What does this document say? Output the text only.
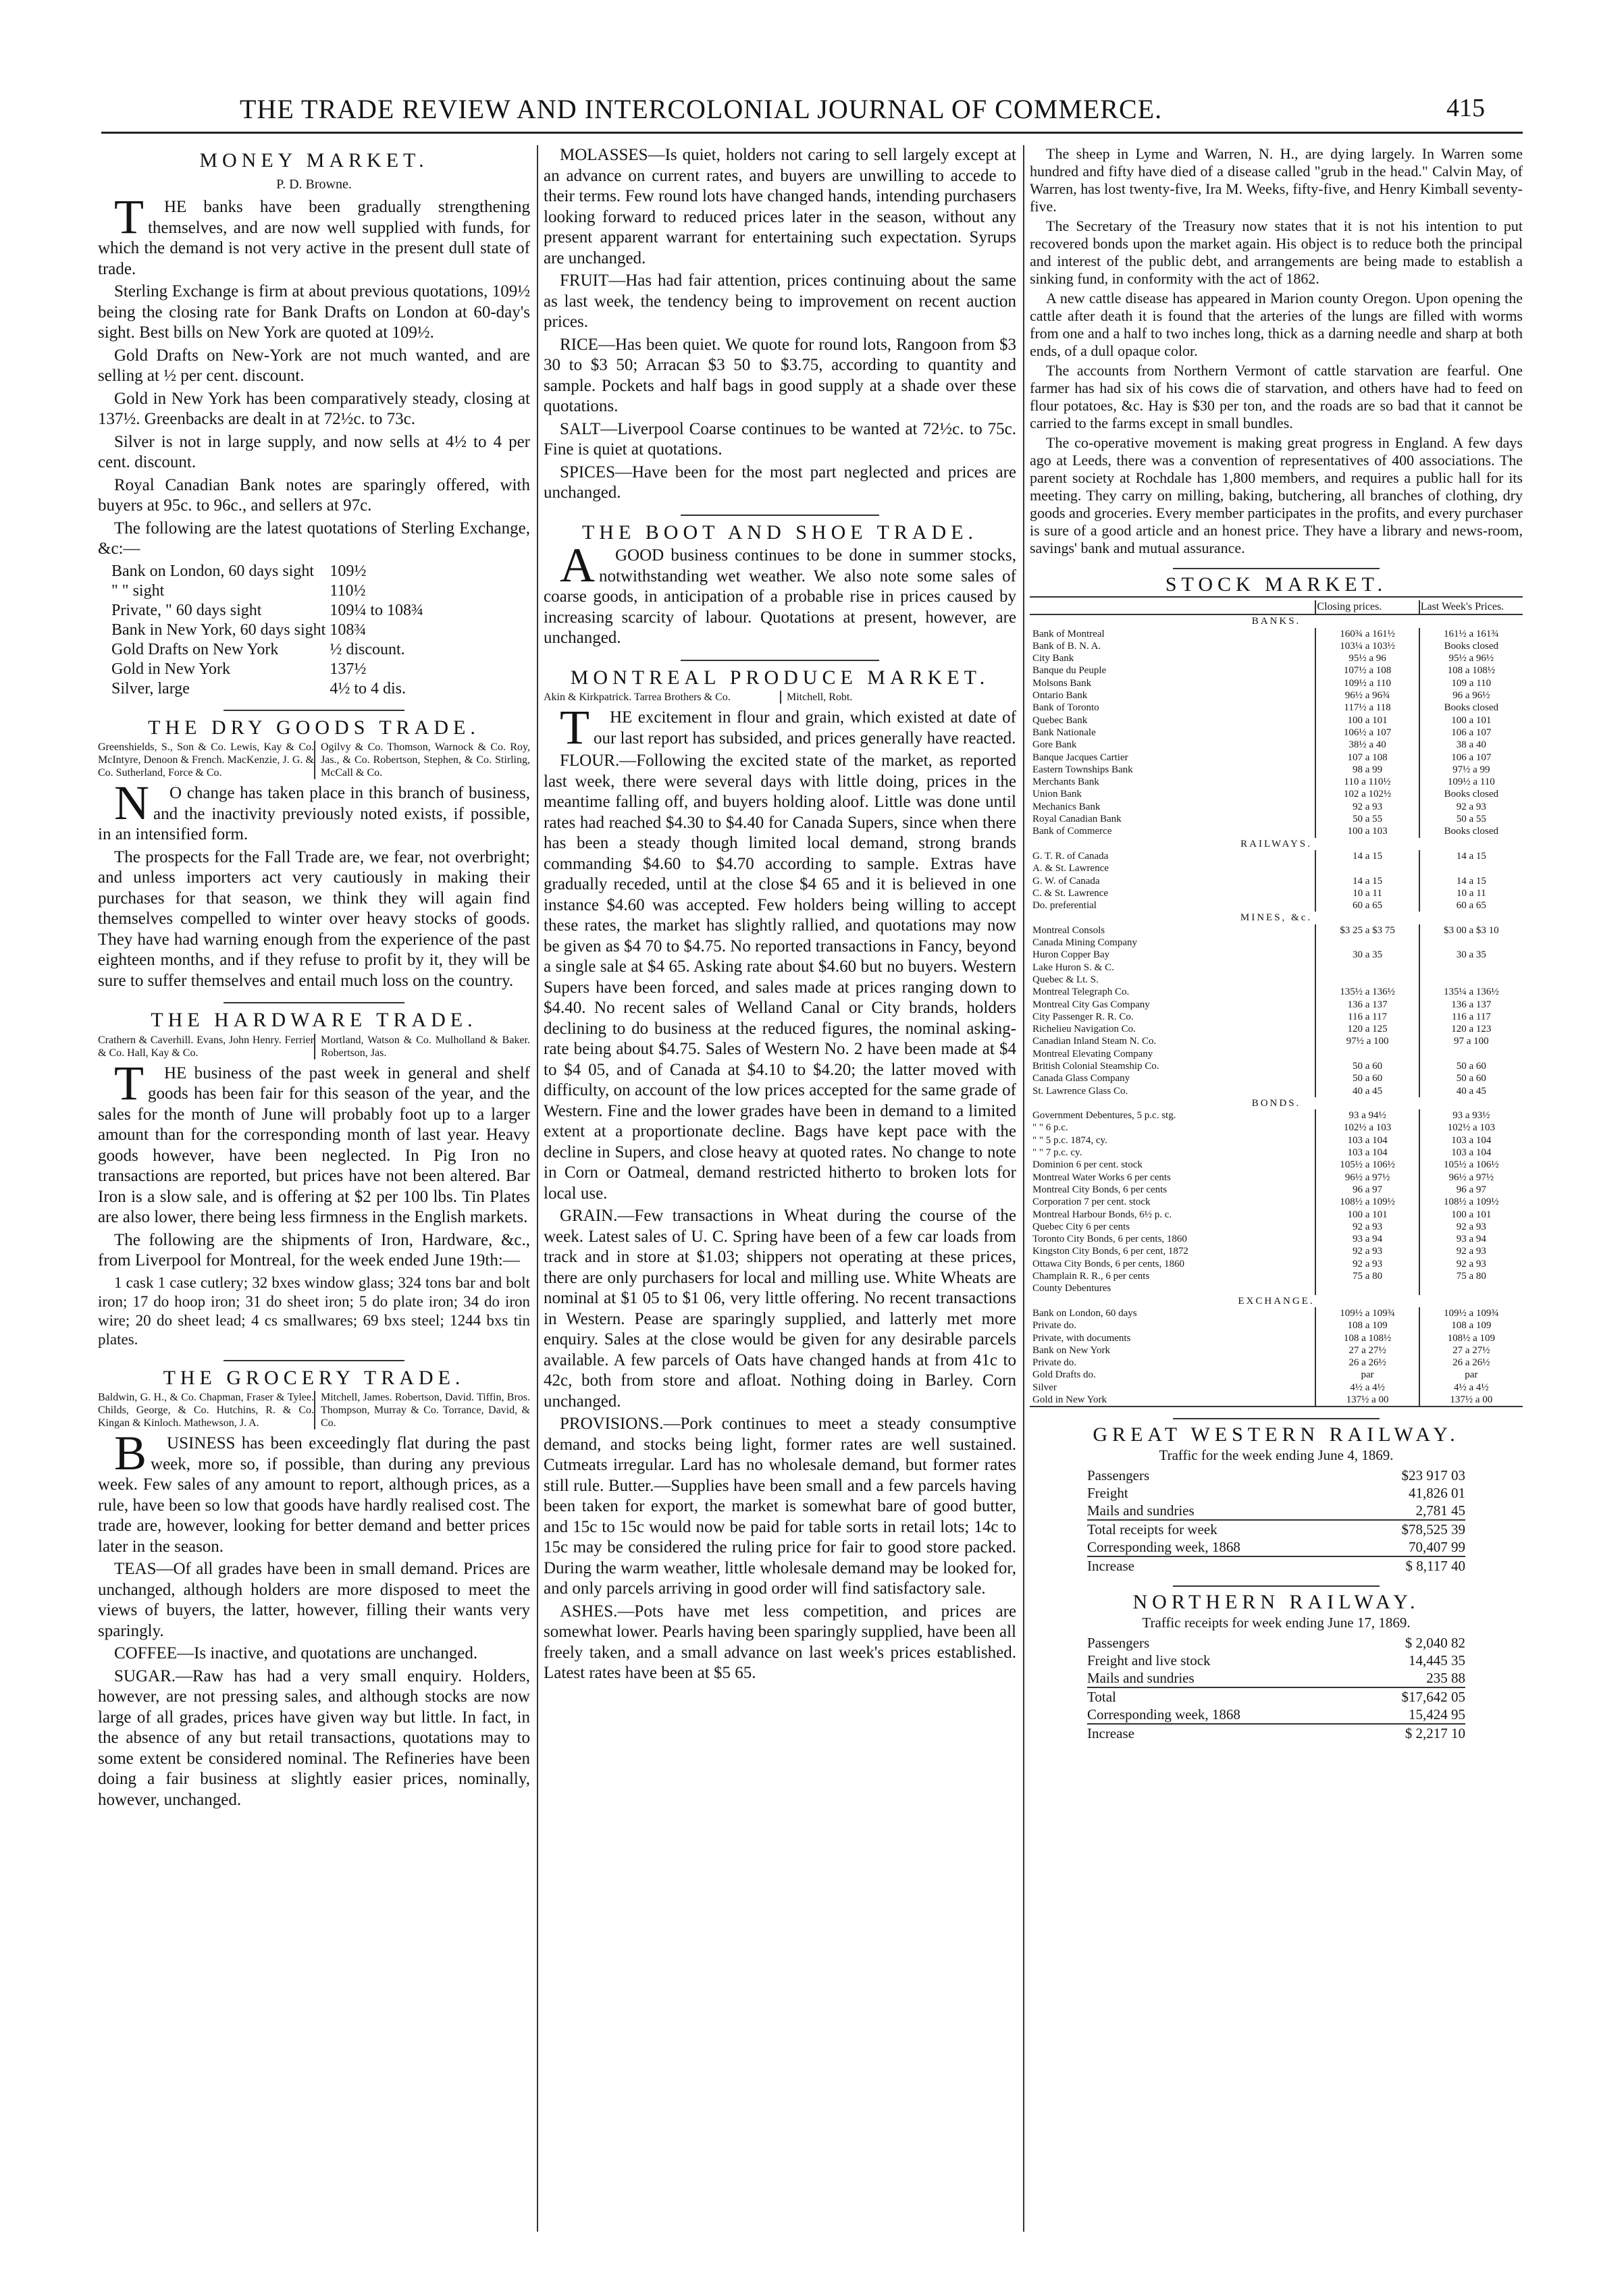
THE TRADE REVIEW AND INTERCOLONIAL JOURNAL OF COMMERCE.	415
MONEY MARKET.
P. D. Browne.

THE banks have been gradually strengthening themselves, and are now well supplied with funds, for which the demand is not very active in the present dull state of trade.

Sterling Exchange is firm at about previous quotations, 109½ being the closing rate for Bank Drafts on London at 60-day's sight. Best bills on New York are quoted at 109½.

Gold Drafts on New-York are not much wanted, and are selling at ½ per cent. discount.

Gold in New York has been comparatively steady, closing at 137½. Greenbacks are dealt in at 72½c. to 73c.

Silver is not in large supply, and now sells at 4½ to 4 per cent. discount.

Royal Canadian Bank notes are sparingly offered, with buyers at 95c. to 96c., and sellers at 97c.

The following are the latest quotations of Sterling Exchange, &c:—

Bank on London, 60 days sight	109½
" " sight	110½
Private, " 60 days sight	109¼ to 108¾
Bank in New York, 60 days sight	108¾
Gold Drafts on New York	½ discount.
Gold in New York	137½
Silver, large	4½ to 4 dis.
THE DRY GOODS TRADE.
Greenshields, S., Son & Co. Lewis, Kay & Co. McIntyre, Denoon & French. MacKenzie, J. G. & Co. Sutherland, Force & Co.
Ogilvy & Co. Thomson, Warnock & Co. Roy, Jas., & Co. Robertson, Stephen, & Co. Stirling, McCall & Co.

NO change has taken place in this branch of business, and the inactivity previously noted exists, if possible, in an intensified form.

The prospects for the Fall Trade are, we fear, not overbright; and unless importers act very cautiously in making their purchases for that season, we think they will again find themselves compelled to winter over heavy stocks of goods. They have had warning enough from the experience of the past eighteen months, and if they refuse to profit by it, they will be sure to suffer themselves and entail much loss on the country.

THE HARDWARE TRADE.
Crathern & Caverhill. Evans, John Henry. Ferrier & Co. Hall, Kay & Co.
Mortland, Watson & Co. Mulholland & Baker. Robertson, Jas.

THE business of the past week in general and shelf goods has been fair for this season of the year, and the sales for the month of June will probably foot up to a larger amount than for the corresponding month of last year. Heavy goods however, have been neglected. In Pig Iron no transactions are reported, but prices have not been altered. Bar Iron is a slow sale, and is offering at $2 per 100 lbs. Tin Plates are also lower, there being less firmness in the English markets.

The following are the shipments of Iron, Hardware, &c., from Liverpool for Montreal, for the week ended June 19th:—

1 cask 1 case cutlery; 32 bxes window glass; 324 tons bar and bolt iron; 17 do hoop iron; 31 do sheet iron; 5 do plate iron; 34 do iron wire; 20 do sheet lead; 4 cs smallwares; 69 bxs steel; 1244 bxs tin plates.

THE GROCERY TRADE.
Baldwin, G. H., & Co. Chapman, Fraser & Tylee. Childs, George, & Co. Hutchins, R. & Co. Kingan & Kinloch. Mathewson, J. A.
Mitchell, James. Robertson, David. Tiffin, Bros. Thompson, Murray & Co. Torrance, David, & Co.

BUSINESS has been exceedingly flat during the past week, more so, if possible, than during any previous week. Few sales of any amount to report, although prices, as a rule, have been so low that goods have hardly realised cost. The trade are, however, looking for better demand and better prices later in the season.

TEAS—Of all grades have been in small demand. Prices are unchanged, although holders are more disposed to meet the views of buyers, the latter, however, filling their wants very sparingly.

COFFEE—Is inactive, and quotations are unchanged.

SUGAR.—Raw has had a very small enquiry. Holders, however, are not pressing sales, and although stocks are now large of all grades, prices have given way but little. In fact, in the absence of any but retail transactions, quotations may to some extent be considered nominal. The Refineries have been doing a fair business at slightly easier prices, nominally, however, unchanged.

MOLASSES—Is quiet, holders not caring to sell largely except at an advance on current rates, and buyers are unwilling to accede to their terms. Few round lots have changed hands, intending purchasers looking forward to reduced prices later in the season, without any present apparent warrant for entertaining such expectation. Syrups are unchanged.

FRUIT—Has had fair attention, prices continuing about the same as last week, the tendency being to improvement on recent auction prices.

RICE—Has been quiet. We quote for round lots, Rangoon from $3 30 to $3 50; Arracan $3 50 to $3.75, according to quantity and sample. Pockets and half bags in good supply at a shade over these quotations.

SALT—Liverpool Coarse continues to be wanted at 72½c. to 75c. Fine is quiet at quotations.

SPICES—Have been for the most part neglected and prices are unchanged.

THE BOOT AND SHOE TRADE.

AGOOD business continues to be done in summer stocks, notwithstanding wet weather. We also note some sales of coarse goods, in anticipation of a probable rise in prices caused by increasing scarcity of labour. Quotations at present, however, are unchanged.

MONTREAL PRODUCE MARKET.
Akin & Kirkpatrick. Tarrea Brothers & Co.	Mitchell, Robt.

THE excitement in flour and grain, which existed at date of our last report has subsided, and prices generally have reacted.

FLOUR.—Following the excited state of the market, as reported last week, there were several days with little doing, prices in the meantime falling off, and buyers holding aloof. Little was done until rates had reached $4.30 to $4.40 for Canada Supers, since when there has been a steady though limited local demand, strong brands commanding $4.60 to $4.70 according to sample. Extras have gradually receded, until at the close $4 65 and it is believed in one instance $4.60 was accepted. Few holders being willing to accept these rates, the market has slightly rallied, and quotations may now be given as $4 70 to $4.75. No reported transactions in Fancy, beyond a single sale at $4 65. Asking rate about $4.60 but no buyers. Western Supers have been forced, and sales made at prices ranging down to $4.40. No recent sales of Welland Canal or City brands, holders declining to do business at the reduced figures, the nominal asking-rate being about $4.75. Sales of Western No. 2 have been made at $4 to $4 05, and of Canada at $4.10 to $4.20; the latter moved with difficulty, on account of the low prices accepted for the same grade of Western. Fine and the lower grades have been in demand to a limited extent at a proportionate decline. Bags have kept pace with the decline in Supers, and close heavy at quoted rates. No change to note in Corn or Oatmeal, demand restricted hitherto to broken lots for local use.

GRAIN.—Few transactions in Wheat during the course of the week. Latest sales of U. C. Spring have been of a few car loads from track and in store at $1.03; shippers not operating at these prices, there are only purchasers for local and milling use. White Wheats are nominal at $1 05 to $1 06, very little offering. No recent transactions in Western. Pease are sparingly supplied, and latterly met more enquiry. Sales at the close would be given for any desirable parcels available. A few parcels of Oats have changed hands at from 41c to 42c, both from store and afloat. Nothing doing in Barley. Corn unchanged.

PROVISIONS.—Pork continues to meet a steady consumptive demand, and stocks being light, former rates are well sustained. Cutmeats irregular. Lard has no wholesale demand, but former rates still rule. Butter.—Supplies have been small and a few parcels having been taken for export, the market is somewhat bare of good butter, and 15c to 15c would now be paid for table sorts in retail lots; 14c to 15c may be considered the ruling price for fair to good store packed. During the warm weather, little wholesale demand may be looked for, and only parcels arriving in good order will find satisfactory sale.

ASHES.—Pots have met less competition, and prices are somewhat lower. Pearls having been sparingly supplied, have been all freely taken, and a small advance on last week's prices established. Latest rates have been at $5 65.

The sheep in Lyme and Warren, N. H., are dying largely. In Warren some hundred and fifty have died of a disease called "grub in the head." Calvin May, of Warren, has lost twenty-five, Ira M. Weeks, fifty-five, and Henry Kimball seventy-five.

The Secretary of the Treasury now states that it is not his intention to put recovered bonds upon the market again. His object is to reduce both the principal and interest of the public debt, and arrangements are being made to establish a sinking fund, in conformity with the act of 1862.

A new cattle disease has appeared in Marion county Oregon. Upon opening the cattle after death it is found that the arteries of the lungs are filled with worms from one and a half to two inches long, thick as a darning needle and sharp at both ends, of a dull opaque color.

The accounts from Northern Vermont of cattle starvation are fearful. One farmer has had six of his cows die of starvation, and others have had to feed on flour potatoes, &c. Hay is $30 per ton, and the roads are so bad that it cannot be carried to the farms except in small bundles.

The co-operative movement is making great progress in England. A few days ago at Leeds, there was a convention of representatives of 400 associations. The parent society at Rochdale has 1,800 members, and requires a public hall for its meeting. They carry on milling, baking, butchering, all branches of clothing, dry goods and groceries. Every member participates in the profits, and every purchaser is sure of a good article and an honest price. They have a library and news-room, savings' bank and mutual assurance.

STOCK MARKET.
	Closing prices.	Last Week's Prices.
BANKS.		
Bank of Montreal	160¾ a 161½	161½ a 161¾
Bank of B. N. A.	103¼ a 103½	Books closed
City Bank	95½ a 96	95½ a 96½
Banque du Peuple	107½ a 108	108 a 108½
Molsons Bank	109½ a 110	109 a 110
Ontario Bank	96½ a 96¾	96 a 96½
Bank of Toronto	117½ a 118	Books closed
Quebec Bank	100 a 101	100 a 101
Bank Nationale	106½ a 107	106 a 107
Gore Bank	38½ a 40	38 a 40
Banque Jacques Cartier	107 a 108	106 a 107
Eastern Townships Bank	98 a 99	97½ a 99
Merchants Bank	110 a 110½	109½ a 110
Union Bank	102 a 102½	Books closed
Mechanics Bank	92 a 93	92 a 93
Royal Canadian Bank	50 a 55	50 a 55
Bank of Commerce	100 a 103	Books closed
RAILWAYS.		
G. T. R. of Canada	14 a 15	14 a 15
A. & St. Lawrence		
G. W. of Canada	14 a 15	14 a 15
C. & St. Lawrence	10 a 11	10 a 11
Do. preferential	60 a 65	60 a 65
MINES, &c.		
Montreal Consols	$3 25 a $3 75	$3 00 a $3 10
Canada Mining Company		
Huron Copper Bay	30 a 35	30 a 35
Lake Huron S. & C.		
Quebec & Lt. S.		
Montreal Telegraph Co.	135½ a 136½	135¼ a 136½
Montreal City Gas Company	136 a 137	136 a 137
City Passenger R. R. Co.	116 a 117	116 a 117
Richelieu Navigation Co.	120 a 125	120 a 123
Canadian Inland Steam N. Co.	97½ a 100	97 a 100
Montreal Elevating Company		
British Colonial Steamship Co.	50 a 60	50 a 60
Canada Glass Company	50 a 60	50 a 60
St. Lawrence Glass Co.	40 a 45	40 a 45
BONDS.		
Government Debentures, 5 p.c. stg.	93 a 94½	93 a 93½
" " 6 p.c.	102½ a 103	102½ a 103
" " 5 p.c. 1874, cy.	103 a 104	103 a 104
" " 7 p.c. cy.	103 a 104	103 a 104
Dominion 6 per cent. stock	105½ a 106½	105½ a 106½
Montreal Water Works 6 per cents	96½ a 97½	96½ a 97½
Montreal City Bonds, 6 per cents	96 a 97	96 a 97
Corporation 7 per cent. stock	108½ a 109½	108½ a 109½
Montreal Harbour Bonds, 6½ p. c.	100 a 101	100 a 101
Quebec City 6 per cents	92 a 93	92 a 93
Toronto City Bonds, 6 per cents, 1860	93 a 94	93 a 94
Kingston City Bonds, 6 per cent, 1872	92 a 93	92 a 93
Ottawa City Bonds, 6 per cents, 1860	92 a 93	92 a 93
Champlain R. R., 6 per cents	75 a 80	75 a 80
County Debentures		
EXCHANGE.		
Bank on London, 60 days	109½ a 109¾	109½ a 109¾
Private do.	108 a 109	108 a 109
Private, with documents	108 a 108½	108½ a 109
Bank on New York	27 a 27½	27 a 27½
Private do.	26 a 26½	26 a 26½
Gold Drafts do.	par	par
Silver	4½ a 4½	4½ a 4½
Gold in New York	137½ a 00	137½ a 00
GREAT WESTERN RAILWAY.
Traffic for the week ending June 4, 1869.
Passengers	$23 917 03
Freight	41,826 01
Mails and sundries	2,781 45
Total receipts for week	$78,525 39
Corresponding week, 1868	70,407 99
Increase	$ 8,117 40
NORTHERN RAILWAY.
Traffic receipts for week ending June 17, 1869.
Passengers	$ 2,040 82
Freight and live stock	14,445 35
Mails and sundries	235 88
Total	$17,642 05
Corresponding week, 1868	15,424 95
Increase	$ 2,217 10
